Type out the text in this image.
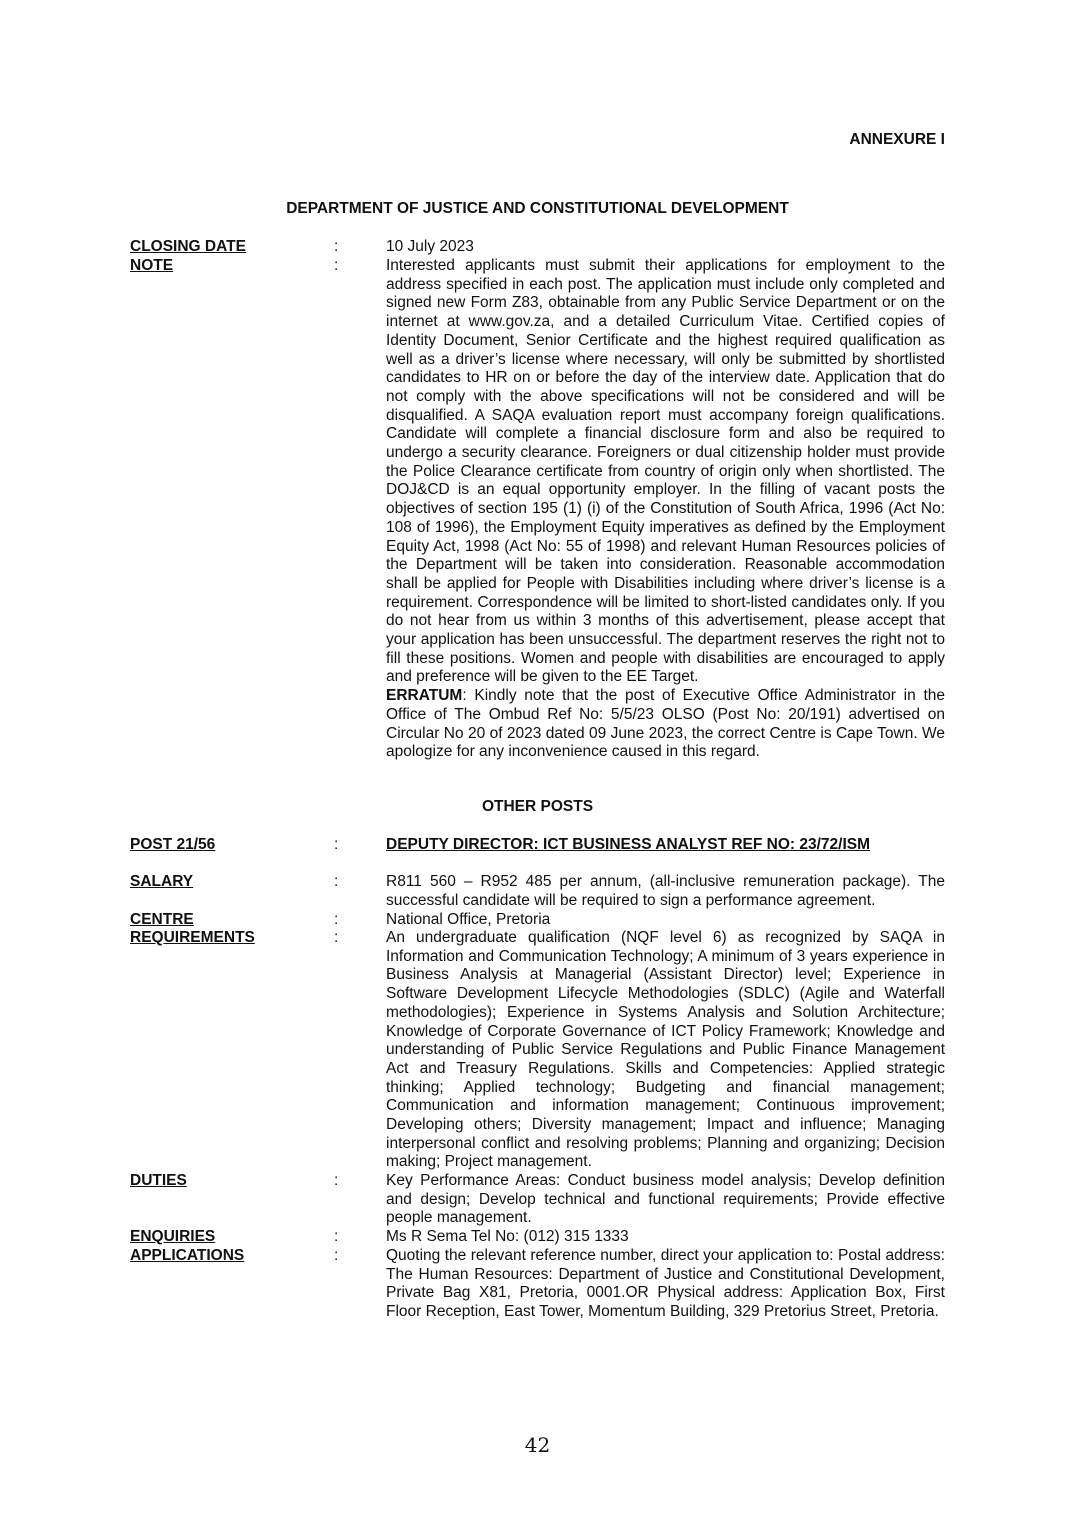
ANNEXURE I
DEPARTMENT OF JUSTICE AND CONSTITUTIONAL DEVELOPMENT
CLOSING DATE	:	10 July 2023
NOTE	:	Interested applicants must submit their applications for employment to the address specified in each post. The application must include only completed and signed new Form Z83, obtainable from any Public Service Department or on the internet at www.gov.za, and a detailed Curriculum Vitae. Certified copies of Identity Document, Senior Certificate and the highest required qualification as well as a driver’s license where necessary, will only be submitted by shortlisted candidates to HR on or before the day of the interview date. Application that do not comply with the above specifications will not be considered and will be disqualified. A SAQA evaluation report must accompany foreign qualifications. Candidate will complete a financial disclosure form and also be required to undergo a security clearance. Foreigners or dual citizenship holder must provide the Police Clearance certificate from country of origin only when shortlisted. The DOJ&CD is an equal opportunity employer. In the filling of vacant posts the objectives of section 195 (1) (i) of the Constitution of South Africa, 1996 (Act No: 108 of 1996), the Employment Equity imperatives as defined by the Employment Equity Act, 1998 (Act No: 55 of 1998) and relevant Human Resources policies of the Department will be taken into consideration. Reasonable accommodation shall be applied for People with Disabilities including where driver’s license is a requirement. Correspondence will be limited to short-listed candidates only. If you do not hear from us within 3 months of this advertisement, please accept that your application has been unsuccessful. The department reserves the right not to fill these positions. Women and people with disabilities are encouraged to apply and preference will be given to the EE Target.

ERRATUM: Kindly note that the post of Executive Office Administrator in the Office of The Ombud Ref No: 5/5/23 OLSO (Post No: 20/191) advertised on Circular No 20 of 2023 dated 09 June 2023, the correct Centre is Cape Town. We apologize for any inconvenience caused in this regard.

OTHER POSTS
POST 21/56	:	DEPUTY DIRECTOR: ICT BUSINESS ANALYST REF NO: 23/72/ISM
SALARY	:	R811 560 – R952 485 per annum, (all-inclusive remuneration package). The successful candidate will be required to sign a performance agreement.
CENTRE	:	National Office, Pretoria
REQUIREMENTS	:	An undergraduate qualification (NQF level 6) as recognized by SAQA in Information and Communication Technology; A minimum of 3 years experience in Business Analysis at Managerial (Assistant Director) level; Experience in Software Development Lifecycle Methodologies (SDLC) (Agile and Waterfall methodologies); Experience in Systems Analysis and Solution Architecture; Knowledge of Corporate Governance of ICT Policy Framework; Knowledge and understanding of Public Service Regulations and Public Finance Management Act and Treasury Regulations. Skills and Competencies: Applied strategic thinking; Applied technology; Budgeting and financial management; Communication and information management; Continuous improvement; Developing others; Diversity management; Impact and influence; Managing interpersonal conflict and resolving problems; Planning and organizing; Decision making; Project management.
DUTIES	:	Key Performance Areas: Conduct business model analysis; Develop definition and design; Develop technical and functional requirements; Provide effective people management.
ENQUIRIES	:	Ms R Sema Tel No: (012) 315 1333
APPLICATIONS	:	Quoting the relevant reference number, direct your application to: Postal address: The Human Resources: Department of Justice and Constitutional Development, Private Bag X81, Pretoria, 0001.OR Physical address: Application Box, First Floor Reception, East Tower, Momentum Building, 329 Pretorius Street, Pretoria.
42
